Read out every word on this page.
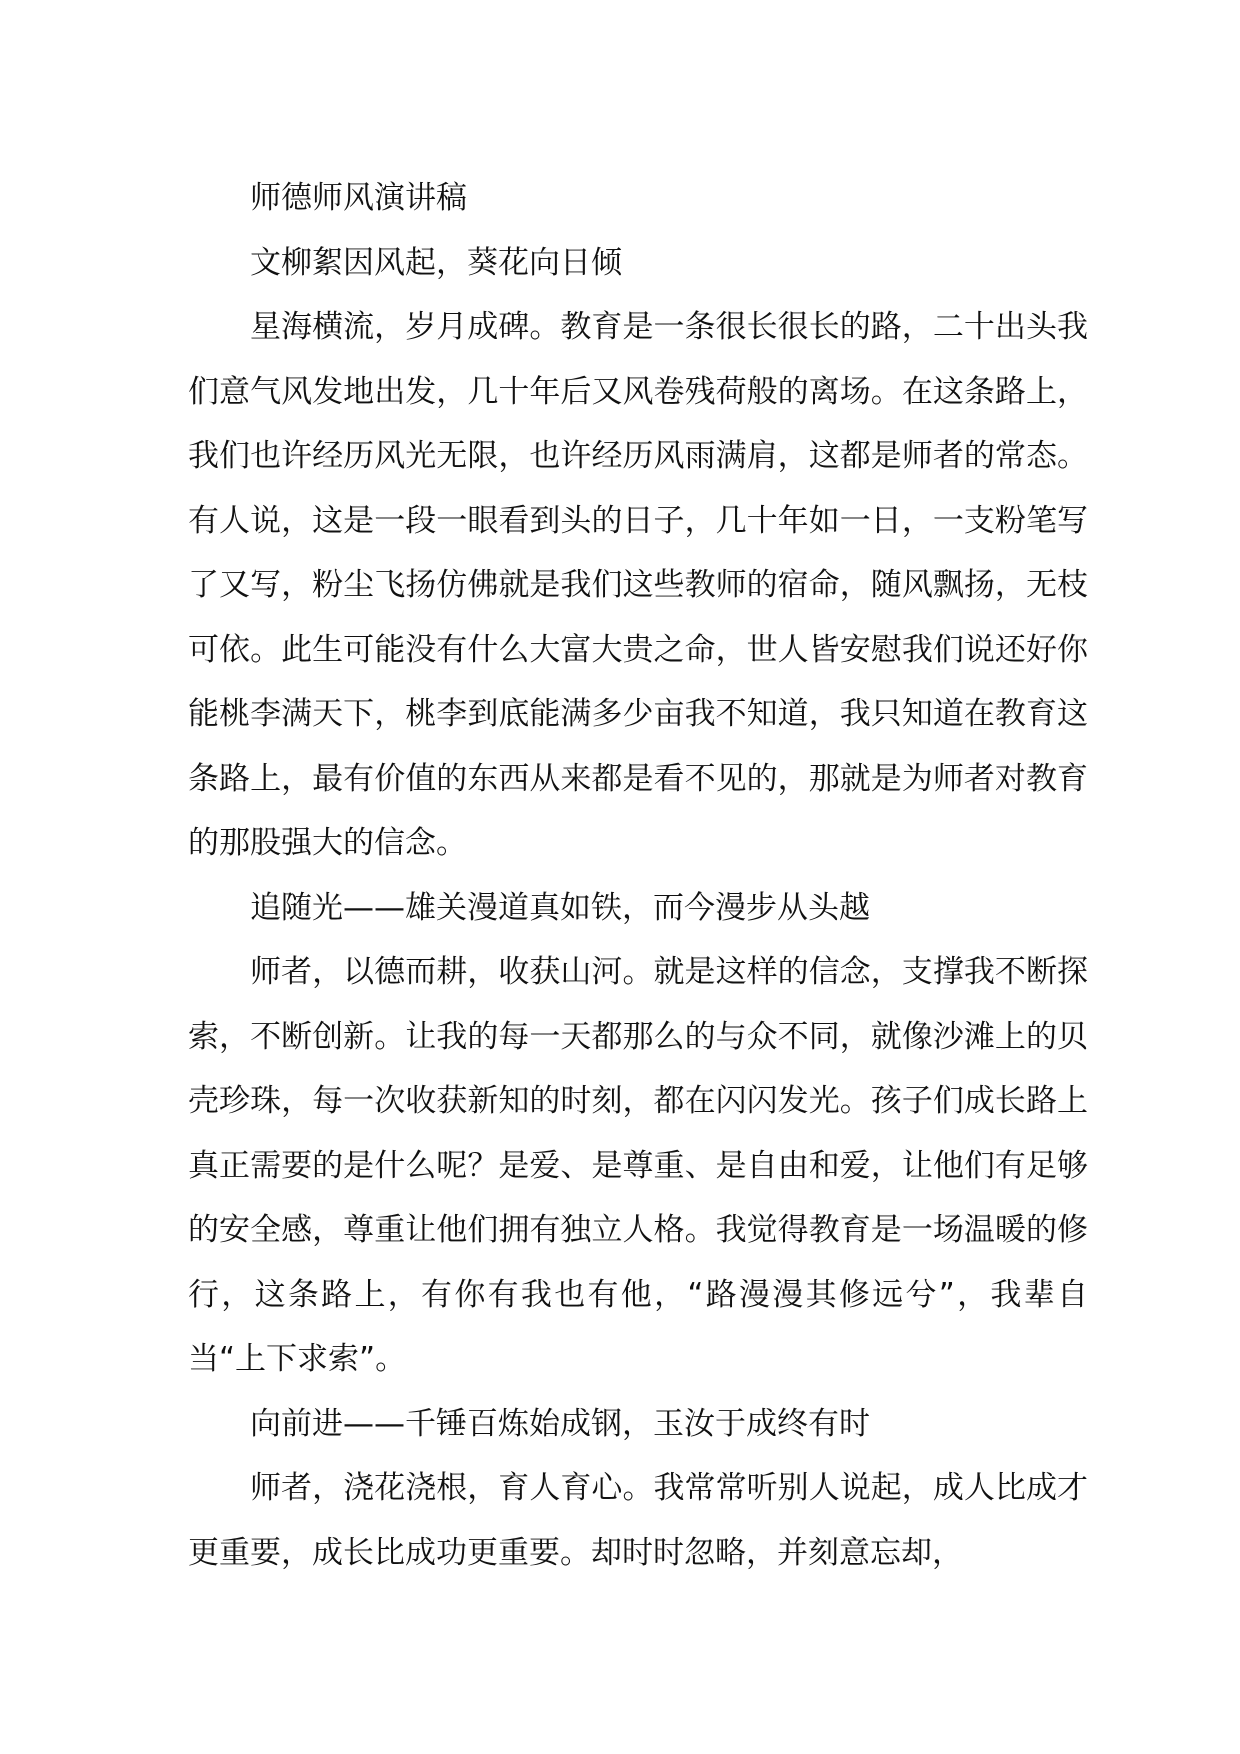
师德师风演讲稿

文柳絮因风起，葵花向日倾

星海横流，岁月成碑。教育是一条很长很长的路，二十出头我们意气风发地出发，几十年后又风卷残荷般的离场。在这条路上，我们也许经历风光无限，也许经历风雨满肩，这都是师者的常态。有人说，这是一段一眼看到头的日子，几十年如一日，一支粉笔写了又写，粉尘飞扬仿佛就是我们这些教师的宿命，随风飘扬，无枝可依。此生可能没有什么大富大贵之命，世人皆安慰我们说还好你能桃李满天下，桃李到底能满多少亩我不知道，我只知道在教育这条路上，最有价值的东西从来都是看不见的，那就是为师者对教育的那股强大的信念。

追随光——雄关漫道真如铁，而今漫步从头越

师者，以德而耕，收获山河。就是这样的信念，支撑我不断探索，不断创新。让我的每一天都那么的与众不同，就像沙滩上的贝壳珍珠，每一次收获新知的时刻，都在闪闪发光。孩子们成长路上真正需要的是什么呢？是爱、是尊重、是自由和爱，让他们有足够的安全感，尊重让他们拥有独立人格。我觉得教育是一场温暖的修行，这条路上，有你有我也有他，“路漫漫其修远兮”，我辈自当“上下求索”。

向前进——千锤百炼始成钢，玉汝于成终有时

师者，浇花浇根，育人育心。我常常听别人说起，成人比成才更重要，成长比成功更重要。却时时忽略，并刻意忘却，
